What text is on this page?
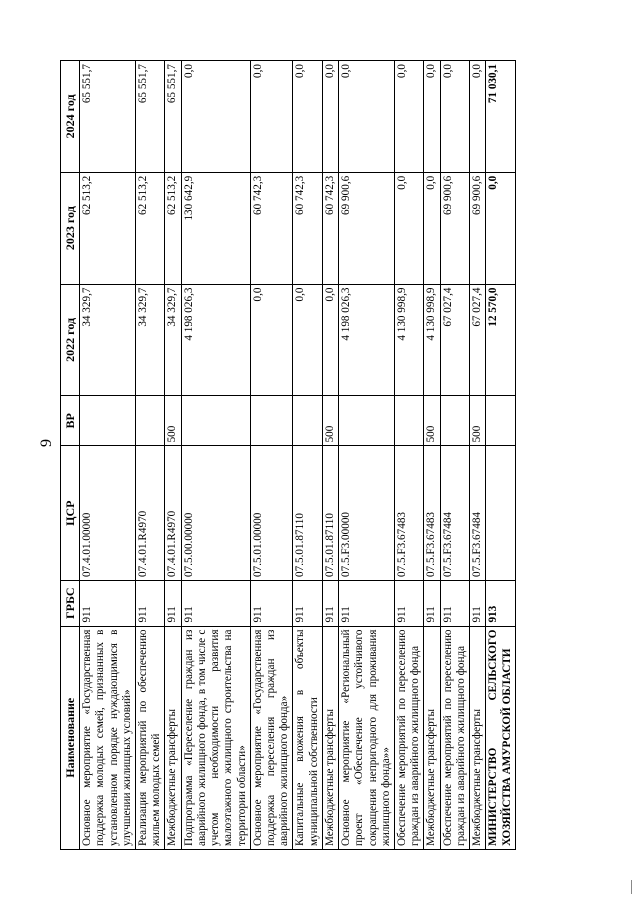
9
Наименование	ГРБС	ЦСР	ВР	2022 год	2023 год	2024 год
Основное мероприятие «Государственная поддержка молодых семей, признанных в установленном порядке нуждающимися в улучшении жилищных условий»	911	07.4.01.00000		34 329,7	62 513,2	65 551,7
Реализация мероприятий по обеспечению жильем молодых семей	911	07.4.01.R4970		34 329,7	62 513,2	65 551,7
Межбюджетные трансферты	911	07.4.01.R4970	500	34 329,7	62 513,2	65 551,7
Подпрограмма «Переселение граждан из аварийного жилищного фонда, в том числе с учетом необходимости развития малоэтажного жилищного строительства на территории области»	911	07.5.00.00000		4 198 026,3	130 642,9	0,0
Основное мероприятие «Государственная поддержка переселения граждан из аварийного жилищного фонда»	911	07.5.01.00000		0,0	60 742,3	0,0
Капитальные вложения в объекты муниципальной собственности	911	07.5.01.87110		0,0	60 742,3	0,0
Межбюджетные трансферты	911	07.5.01.87110	500	0,0	60 742,3	0,0
Основное мероприятие «Региональный проект «Обеспечение устойчивого сокращения непригодного для проживания жилищного фонда»»	911	07.5.F3.00000		4 198 026,3	69 900,6	0,0
Обеспечение мероприятий по переселению граждан из аварийного жилищного фонда	911	07.5.F3.67483		4 130 998,9	0,0	0,0
Межбюджетные трансферты	911	07.5.F3.67483	500	4 130 998,9	0,0	0,0
Обеспечение мероприятий по переселению граждан из аварийного жилищного фонда	911	07.5.F3.67484		67 027,4	69 900,6	0,0
Межбюджетные трансферты	911	07.5.F3.67484	500	67 027,4	69 900,6	0,0
МИНИСТЕРСТВО СЕЛЬСКОГО ХОЗЯЙСТВА АМУРСКОЙ ОБЛАСТИ	913			12 570,0	0,0	71 030,1
